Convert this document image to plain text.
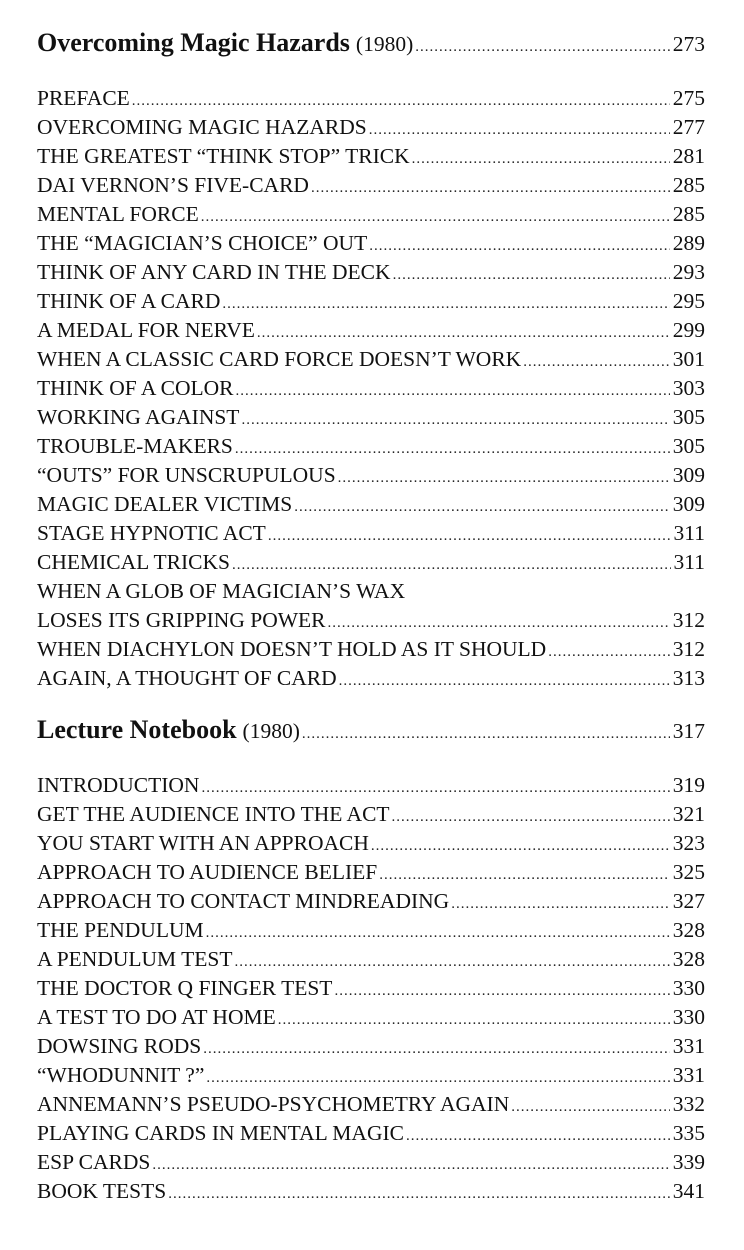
Overcoming Magic Hazards (1980) .....	273
PREFACE .....	275
OVERCOMING MAGIC HAZARDS .....	277
THE GREATEST “THINK STOP” TRICK .....	281
DAI VERNON’S FIVE-CARD .....	285
MENTAL FORCE .....	285
THE “MAGICIAN’S CHOICE” OUT .....	289
THINK OF ANY CARD IN THE DECK .....	293
THINK OF A CARD .....	295
A MEDAL FOR NERVE .....	299
WHEN A CLASSIC CARD FORCE DOESN’T WORK .....	301
THINK OF A COLOR .....	303
WORKING AGAINST .....	305
TROUBLE-MAKERS .....	305
“OUTS” FOR UNSCRUPULOUS .....	309
MAGIC DEALER VICTIMS .....	309
STAGE HYPNOTIC ACT .....	311
CHEMICAL TRICKS .....	311
WHEN A GLOB OF MAGICIAN’S WAX
LOSES ITS GRIPPING POWER .....	312
WHEN DIACHYLON DOESN’T HOLD AS IT SHOULD .....	312
AGAIN, A THOUGHT OF CARD .....	313
Lecture Notebook (1980) .....	317
INTRODUCTION .....	319
GET THE AUDIENCE INTO THE ACT .....	321
YOU START WITH AN APPROACH .....	323
APPROACH TO AUDIENCE BELIEF .....	325
APPROACH TO CONTACT MINDREADING .....	327
THE PENDULUM .....	328
A PENDULUM TEST .....	328
THE DOCTOR Q FINGER TEST .....	330
A TEST TO DO AT HOME .....	330
DOWSING RODS .....	331
“WHODUNNIT ?” .....	331
ANNEMANN’S PSEUDO-PSYCHOMETRY AGAIN .....	332
PLAYING CARDS IN MENTAL MAGIC .....	335
ESP CARDS .....	339
BOOK TESTS .....	341
